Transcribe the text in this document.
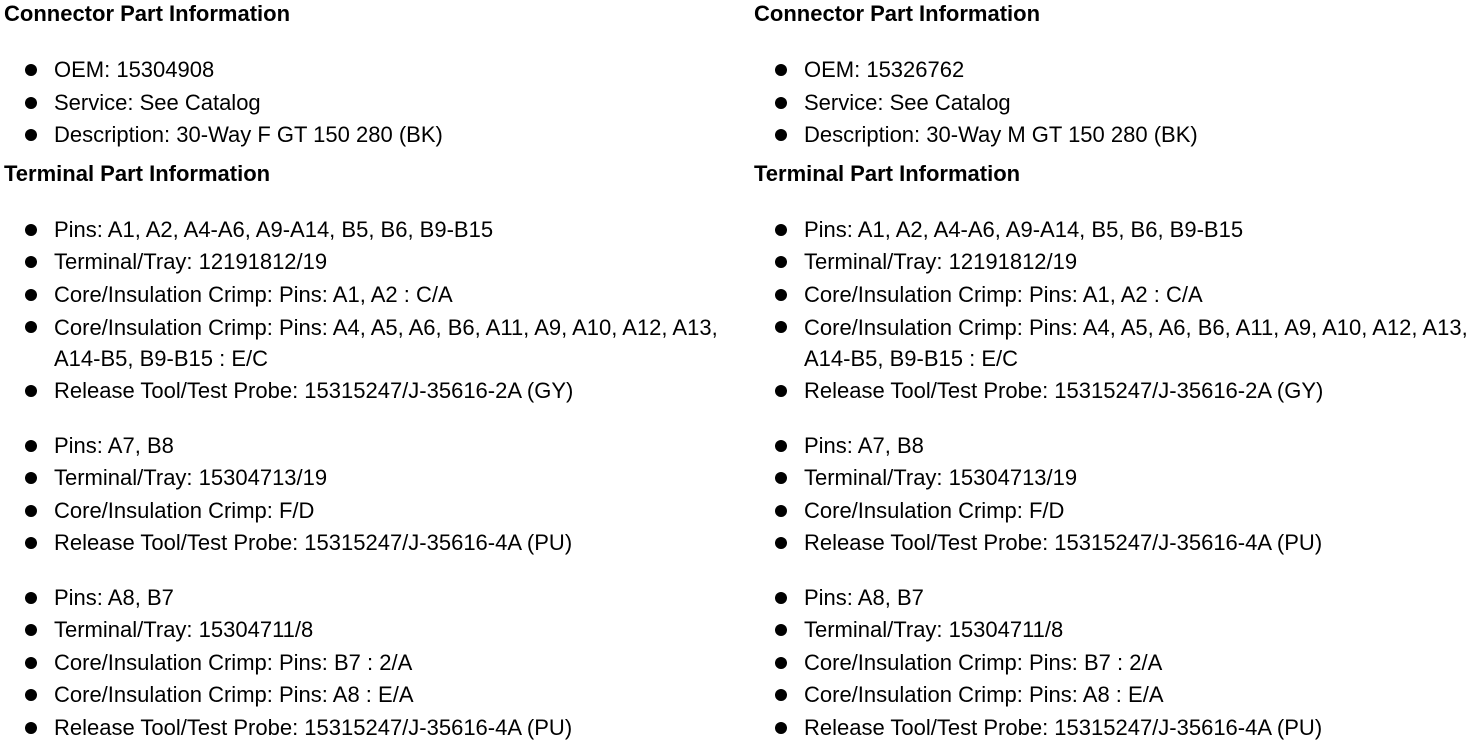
Connector Part Information
OEM: 15304908
Service: See Catalog
Description: 30-Way F GT 150 280 (BK)
Terminal Part Information
Pins: A1, A2, A4-A6, A9-A14, B5, B6, B9-B15
Terminal/Tray: 12191812/19
Core/Insulation Crimp: Pins: A1, A2 : C/A
Core/Insulation Crimp: Pins: A4, A5, A6, B6, A11, A9, A10, A12, A13, A14-B5, B9-B15 : E/C
Release Tool/Test Probe: 15315247/J-35616-2A (GY)
Pins: A7, B8
Terminal/Tray: 15304713/19
Core/Insulation Crimp: F/D
Release Tool/Test Probe: 15315247/J-35616-4A (PU)
Pins: A8, B7
Terminal/Tray: 15304711/8
Core/Insulation Crimp: Pins: B7 : 2/A
Core/Insulation Crimp: Pins: A8 : E/A
Release Tool/Test Probe: 15315247/J-35616-4A (PU)
Connector Part Information
OEM: 15326762
Service: See Catalog
Description: 30-Way M GT 150 280 (BK)
Terminal Part Information
Pins: A1, A2, A4-A6, A9-A14, B5, B6, B9-B15
Terminal/Tray: 12191812/19
Core/Insulation Crimp: Pins: A1, A2 : C/A
Core/Insulation Crimp: Pins: A4, A5, A6, B6, A11, A9, A10, A12, A13, A14-B5, B9-B15 : E/C
Release Tool/Test Probe: 15315247/J-35616-2A (GY)
Pins: A7, B8
Terminal/Tray: 15304713/19
Core/Insulation Crimp: F/D
Release Tool/Test Probe: 15315247/J-35616-4A (PU)
Pins: A8, B7
Terminal/Tray: 15304711/8
Core/Insulation Crimp: Pins: B7 : 2/A
Core/Insulation Crimp: Pins: A8 : E/A
Release Tool/Test Probe: 15315247/J-35616-4A (PU)
